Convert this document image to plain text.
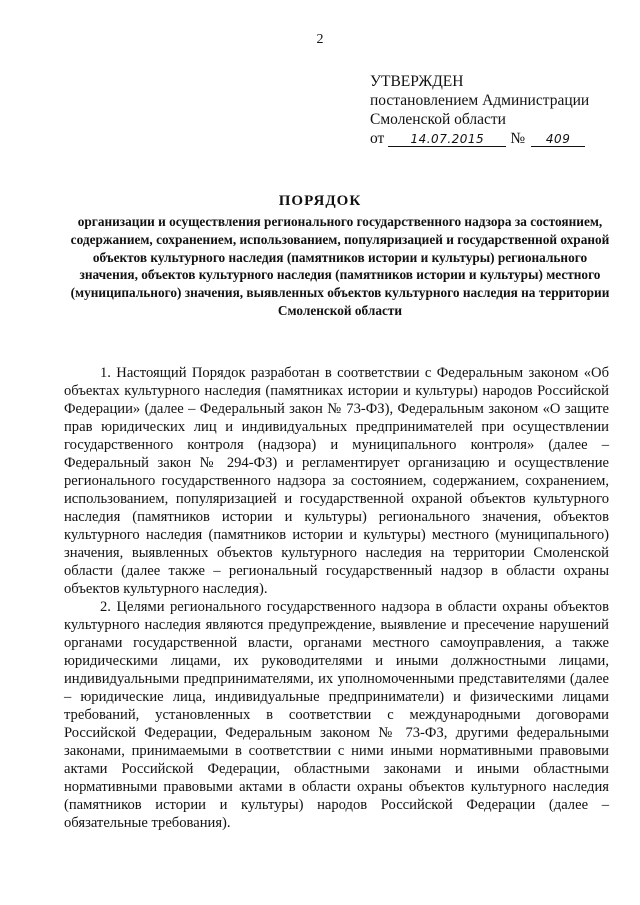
2
УТВЕРЖДЕН
постановлением Администрации
Смоленской области
от	14.07.2015	№	409
ПОРЯДОК
организации и осуществления регионального государственного надзора за состоянием, содержанием, сохранением, использованием, популяризацией и государственной охраной объектов культурного наследия (памятников истории и культуры) регионального значения, объектов культурного наследия (памятников истории и культуры) местного (муниципального) значения, выявленных объектов культурного наследия на территории Смоленской области

1. Настоящий Порядок разработан в соответствии с Федеральным законом «Об объектах культурного наследия (памятниках истории и культуры) народов Российской Федерации» (далее – Федеральный закон № 73-ФЗ), Федеральным законом «О защите прав юридических лиц и индивидуальных предпринимателей при осуществлении государственного контроля (надзора) и муниципального контроля» (далее – Федеральный закон № 294-ФЗ) и регламентирует организацию и осуществление регионального государственного надзора за состоянием, содержанием, сохранением, использованием, популяризацией и государственной охраной объектов культурного наследия (памятников истории и культуры) регионального значения, объектов культурного наследия (памятников истории и культуры) местного (муниципального) значения, выявленных объектов культурного наследия на территории Смоленской области (далее также – региональный государственный надзор в области охраны объектов культурного наследия).

2. Целями регионального государственного надзора в области охраны объектов культурного наследия являются предупреждение, выявление и пресечение нарушений органами государственной власти, органами местного самоуправления, а также юридическими лицами, их руководителями и иными должностными лицами, индивидуальными предпринимателями, их уполномоченными представителями (далее – юридические лица, индивидуальные предприниматели) и физическими лицами требований, установленных в соответствии с международными договорами Российской Федерации, Федеральным законом № 73-ФЗ, другими федеральными законами, принимаемыми в соответствии с ними иными нормативными правовыми актами Российской Федерации, областными законами и иными областными нормативными правовыми актами в области охраны объектов культурного наследия (памятников истории и культуры) народов Российской Федерации (далее – обязательные требования).
